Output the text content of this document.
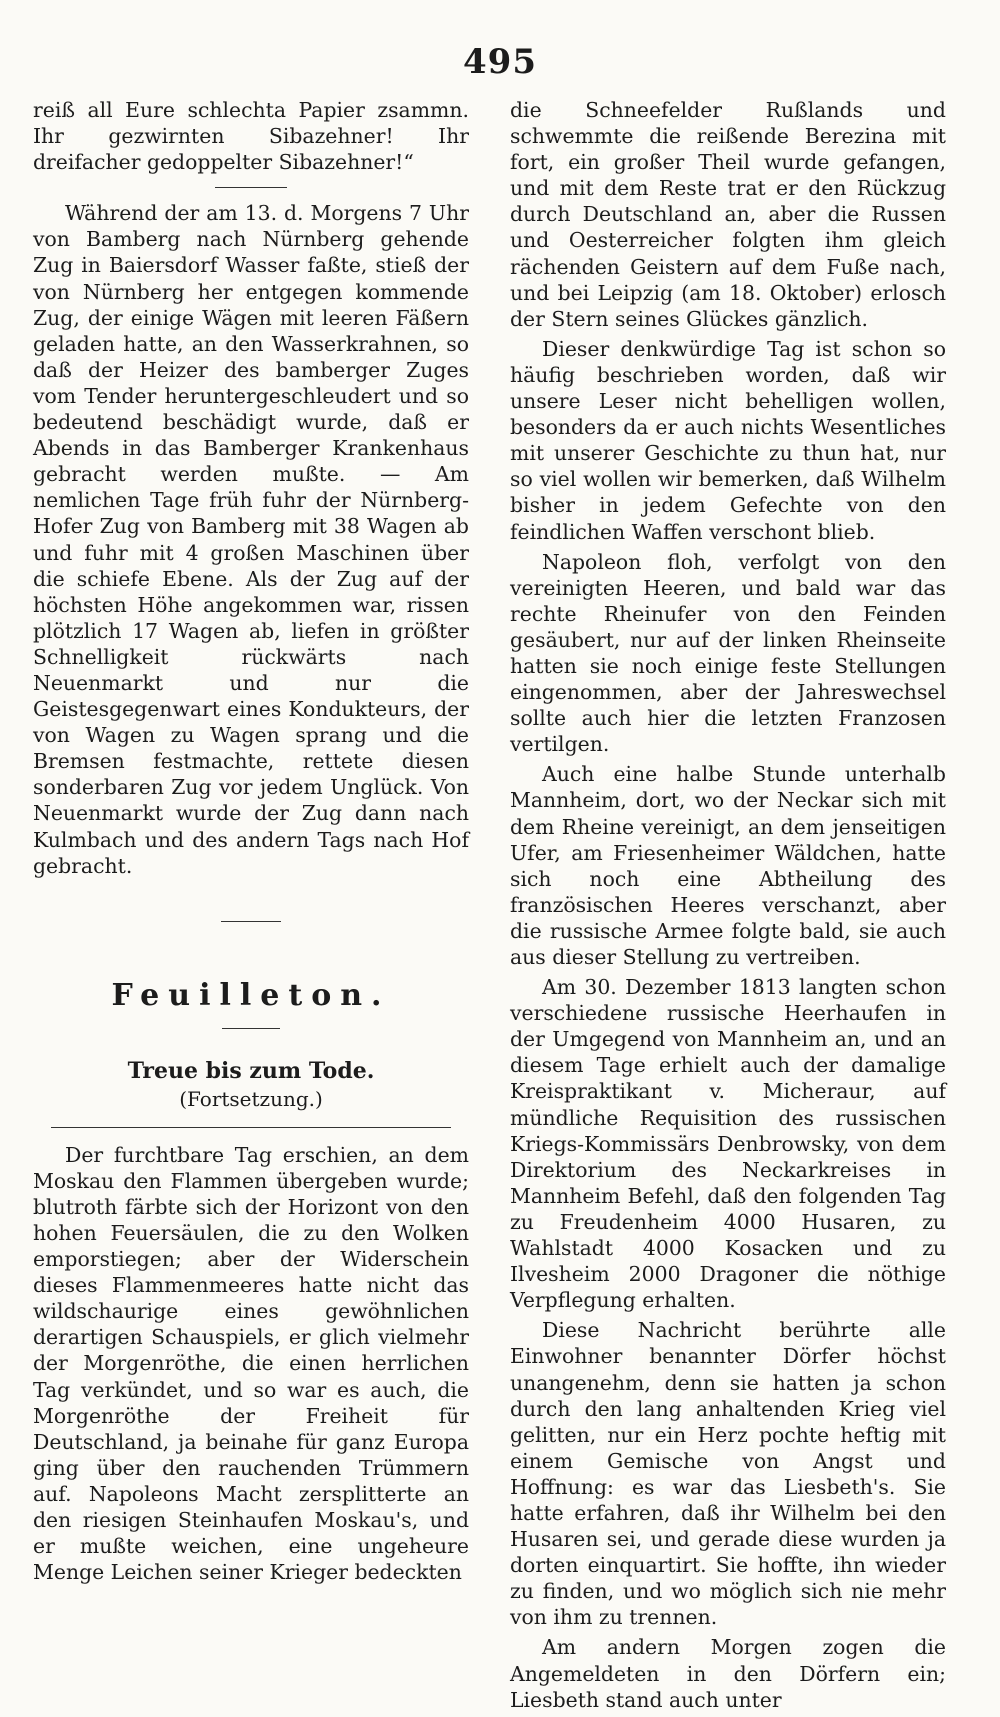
495

reiß all Eure schlechta Papier zsammn. Ihr gezwirnten Sibazehner! Ihr dreifacher gedoppelter Sibazehner!“

Während der am 13. d. Morgens 7 Uhr von Bamberg nach Nürnberg gehende Zug in Baiersdorf Wasser faßte, stieß der von Nürnberg her entgegen kommende Zug, der einige Wägen mit leeren Fäßern geladen hatte, an den Wasserkrahnen, so daß der Heizer des bamberger Zuges vom Tender heruntergeschleudert und so bedeutend beschädigt wurde, daß er Abends in das Bamberger Krankenhaus gebracht werden mußte. — Am nemlichen Tage früh fuhr der Nürnberg-Hofer Zug von Bamberg mit 38 Wagen ab und fuhr mit 4 großen Maschinen über die schiefe Ebene. Als der Zug auf der höchsten Höhe angekommen war, rissen plötzlich 17 Wagen ab, liefen in größter Schnelligkeit rückwärts nach Neuenmarkt und nur die Geistesgegenwart eines Kondukteurs, der von Wagen zu Wagen sprang und die Bremsen festmachte, rettete diesen sonderbaren Zug vor jedem Unglück. Von Neuenmarkt wurde der Zug dann nach Kulmbach und des andern Tags nach Hof gebracht.

Feuilleton.
Treue bis zum Tode.
(Fortsetzung.)

Der furchtbare Tag erschien, an dem Moskau den Flammen übergeben wurde; blutroth färbte sich der Horizont von den hohen Feuersäulen, die zu den Wolken emporstiegen; aber der Widerschein dieses Flammenmeeres hatte nicht das wildschaurige eines gewöhnlichen derartigen Schauspiels, er glich vielmehr der Morgenröthe, die einen herrlichen Tag verkündet, und so war es auch, die Morgenröthe der Freiheit für Deutschland, ja beinahe für ganz Europa ging über den rauchenden Trümmern auf. Napoleons Macht zersplitterte an den riesigen Steinhaufen Moskau's, und er mußte weichen, eine ungeheure Menge Leichen seiner Krieger bedeckten

die Schneefelder Rußlands und schwemmte die reißende Berezina mit fort, ein großer Theil wurde gefangen, und mit dem Reste trat er den Rückzug durch Deutschland an, aber die Russen und Oesterreicher folgten ihm gleich rächenden Geistern auf dem Fuße nach, und bei Leipzig (am 18. Oktober) erlosch der Stern seines Glückes gänzlich.

Dieser denkwürdige Tag ist schon so häufig beschrieben worden, daß wir unsere Leser nicht behelligen wollen, besonders da er auch nichts Wesentliches mit unserer Geschichte zu thun hat, nur so viel wollen wir bemerken, daß Wilhelm bisher in jedem Gefechte von den feindlichen Waffen verschont blieb.

Napoleon floh, verfolgt von den vereinigten Heeren, und bald war das rechte Rheinufer von den Feinden gesäubert, nur auf der linken Rheinseite hatten sie noch einige feste Stellungen eingenommen, aber der Jahreswechsel sollte auch hier die letzten Franzosen vertilgen.

Auch eine halbe Stunde unterhalb Mannheim, dort, wo der Neckar sich mit dem Rheine vereinigt, an dem jenseitigen Ufer, am Friesenheimer Wäldchen, hatte sich noch eine Abtheilung des französischen Heeres verschanzt, aber die russische Armee folgte bald, sie auch aus dieser Stellung zu vertreiben.

Am 30. Dezember 1813 langten schon verschiedene russische Heerhaufen in der Umgegend von Mannheim an, und an diesem Tage erhielt auch der damalige Kreispraktikant v. Micheraur, auf mündliche Requisition des russischen Kriegs-Kommissärs Denbrowsky, von dem Direktorium des Neckarkreises in Mannheim Befehl, daß den folgenden Tag zu Freudenheim 4000 Husaren, zu Wahlstadt 4000 Kosacken und zu Ilvesheim 2000 Dragoner die nöthige Verpflegung erhalten.

Diese Nachricht berührte alle Einwohner benannter Dörfer höchst unangenehm, denn sie hatten ja schon durch den lang anhaltenden Krieg viel gelitten, nur ein Herz pochte heftig mit einem Gemische von Angst und Hoffnung: es war das Liesbeth's. Sie hatte erfahren, daß ihr Wilhelm bei den Husaren sei, und gerade diese wurden ja dorten einquartirt. Sie hoffte, ihn wieder zu finden, und wo möglich sich nie mehr von ihm zu trennen.

Am andern Morgen zogen die Angemeldeten in den Dörfern ein; Liesbeth stand auch unter
